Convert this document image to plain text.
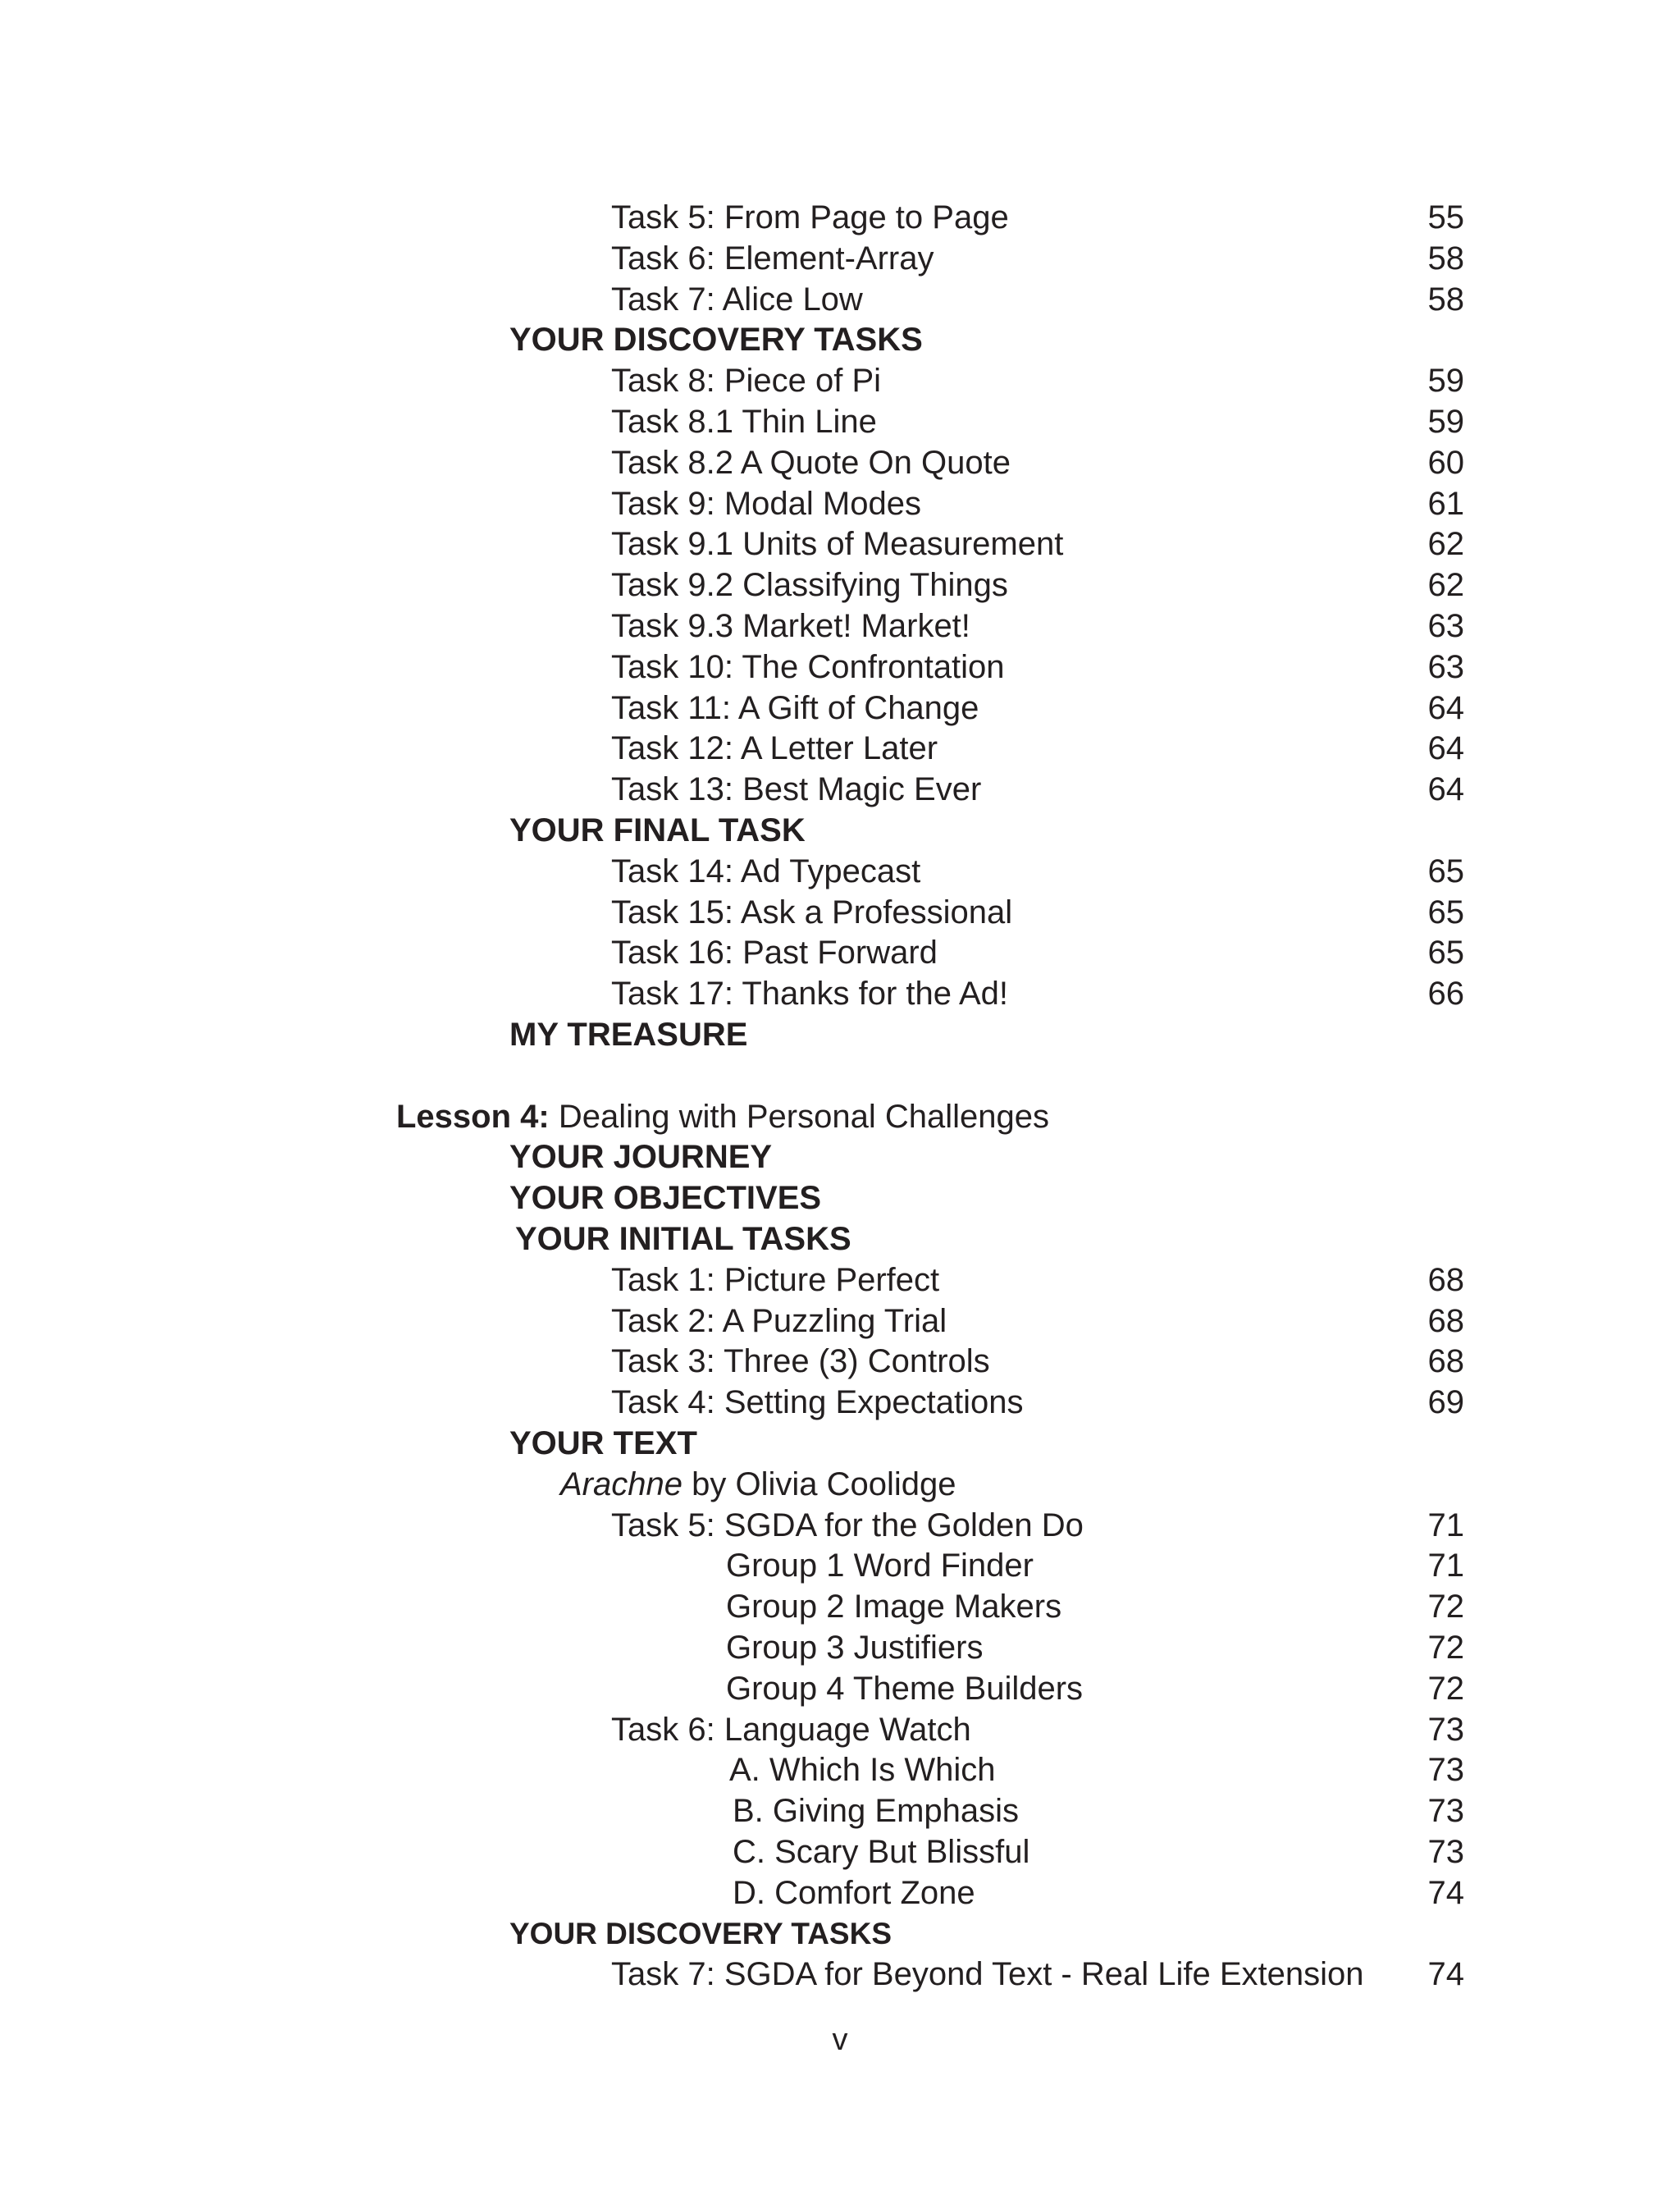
Task 5: From Page to Page	55
Task 6: Element-Array	58
Task 7: Alice Low	58
YOUR DISCOVERY TASKS
Task 8: Piece of Pi	59
Task 8.1 Thin Line	59
Task 8.2 A Quote On Quote	60
Task 9: Modal Modes	61
Task 9.1 Units of Measurement	62
Task 9.2 Classifying Things	62
Task 9.3 Market! Market!	63
Task 10: The Confrontation	63
Task 11: A Gift of Change	64
Task 12: A Letter Later	64
Task 13: Best Magic Ever	64
YOUR FINAL TASK
Task 14: Ad Typecast	65
Task 15: Ask a Professional	65
Task 16: Past Forward	65
Task 17: Thanks for the Ad!	66
MY TREASURE
Lesson 4: Dealing with Personal Challenges
YOUR JOURNEY
YOUR OBJECTIVES
YOUR INITIAL TASKS
Task 1: Picture Perfect	68
Task 2: A Puzzling Trial	68
Task 3: Three (3) Controls	68
Task 4: Setting Expectations	69
YOUR TEXT
Arachne by Olivia Coolidge
Task 5: SGDA for the Golden Do	71
Group 1 Word Finder	71
Group 2 Image Makers	72
Group 3 Justifiers	72
Group 4 Theme Builders	72
Task 6: Language Watch	73
A. Which Is Which	73
B. Giving Emphasis	73
C. Scary But Blissful	73
D. Comfort Zone	74
YOUR DISCOVERY TASKS
Task 7: SGDA for Beyond Text - Real Life Extension 74
v
